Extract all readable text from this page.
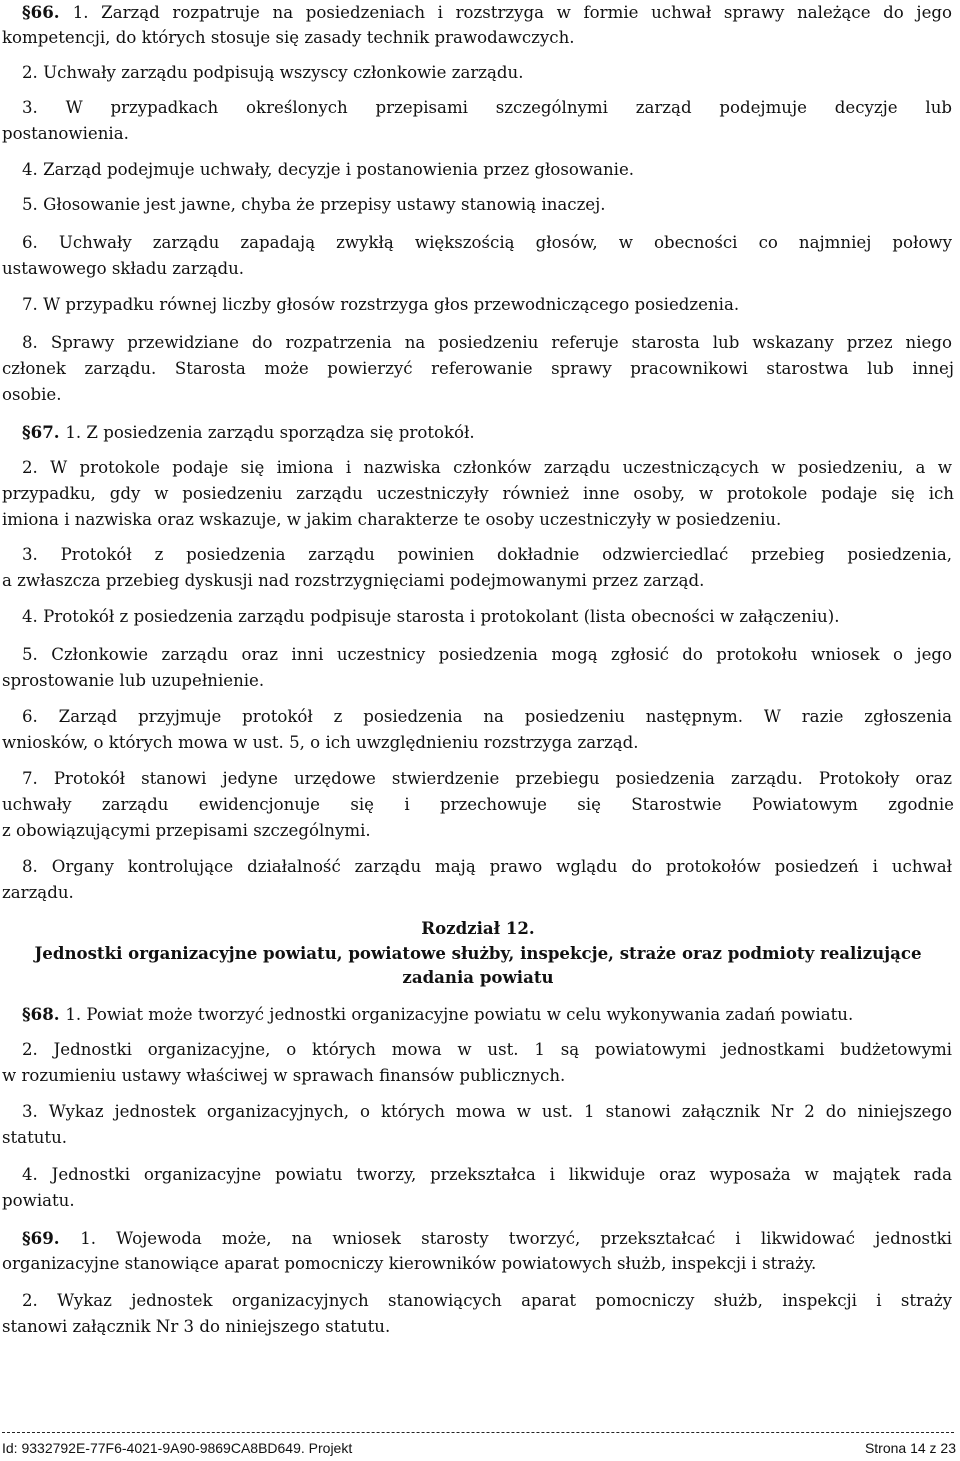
§66. 1. Zarząd rozpatruje na posiedzeniach i rozstrzyga w formie uchwał sprawy należące do jego
kompetencji, do których stosuje się zasady technik prawodawczych.
2. Uchwały zarządu podpisują wszyscy członkowie zarządu.
3. W przypadkach określonych przepisami szczególnymi zarząd podejmuje decyzje lub
postanowienia.
4. Zarząd podejmuje uchwały, decyzje i postanowienia przez głosowanie.
5. Głosowanie jest jawne, chyba że przepisy ustawy stanowią inaczej.
6. Uchwały zarządu zapadają zwykłą większością głosów, w obecności co najmniej połowy
ustawowego składu zarządu.
7. W przypadku równej liczby głosów rozstrzyga głos przewodniczącego posiedzenia.
8. Sprawy przewidziane do rozpatrzenia na posiedzeniu referuje starosta lub wskazany przez niego
członek zarządu. Starosta może powierzyć referowanie sprawy pracownikowi starostwa lub innej
osobie.
§67. 1. Z posiedzenia zarządu sporządza się protokół.
2. W protokole podaje się imiona i nazwiska członków zarządu uczestniczących w posiedzeniu, a w
przypadku, gdy w posiedzeniu zarządu uczestniczyły również inne osoby, w protokole podaje się ich
imiona i nazwiska oraz wskazuje, w jakim charakterze te osoby uczestniczyły w posiedzeniu.
3. Protokół z posiedzenia zarządu powinien dokładnie odzwierciedlać przebieg posiedzenia,
a zwłaszcza przebieg dyskusji nad rozstrzygnięciami podejmowanymi przez zarząd.
4. Protokół z posiedzenia zarządu podpisuje starosta i protokolant (lista obecności w załączeniu).
5. Członkowie zarządu oraz inni uczestnicy posiedzenia mogą zgłosić do protokołu wniosek o jego
sprostowanie lub uzupełnienie.
6. Zarząd przyjmuje protokół z posiedzenia na posiedzeniu następnym. W razie zgłoszenia
wniosków, o których mowa w ust. 5, o ich uwzględnieniu rozstrzyga zarząd.
7. Protokół stanowi jedyne urzędowe stwierdzenie przebiegu posiedzenia zarządu. Protokoły oraz
uchwały zarządu ewidencjonuje się i przechowuje się Starostwie Powiatowym zgodnie
z obowiązującymi przepisami szczególnymi.
8. Organy kontrolujące działalność zarządu mają prawo wglądu do protokołów posiedzeń i uchwał
zarządu.
Rozdział 12.
Jednostki organizacyjne powiatu, powiatowe służby, inspekcje, straże oraz podmioty realizujące
zadania powiatu
§68. 1. Powiat może tworzyć jednostki organizacyjne powiatu w celu wykonywania zadań powiatu.
2. Jednostki organizacyjne, o których mowa w ust. 1 są powiatowymi jednostkami budżetowymi
w rozumieniu ustawy właściwej w sprawach finansów publicznych.
3. Wykaz jednostek organizacyjnych, o których mowa w ust. 1 stanowi załącznik Nr 2 do niniejszego
statutu.
4. Jednostki organizacyjne powiatu tworzy, przekształca i likwiduje oraz wyposaża w majątek rada
powiatu.
§69. 1. Wojewoda może, na wniosek starosty tworzyć, przekształcać i likwidować jednostki
organizacyjne stanowiące aparat pomocniczy kierowników powiatowych służb, inspekcji i straży.
2. Wykaz jednostek organizacyjnych stanowiących aparat pomocniczy służb, inspekcji i straży
stanowi załącznik Nr 3 do niniejszego statutu.
Id: 9332792E-77F6-4021-9A90-9869CA8BD649. Projekt	Strona 14 z 23
